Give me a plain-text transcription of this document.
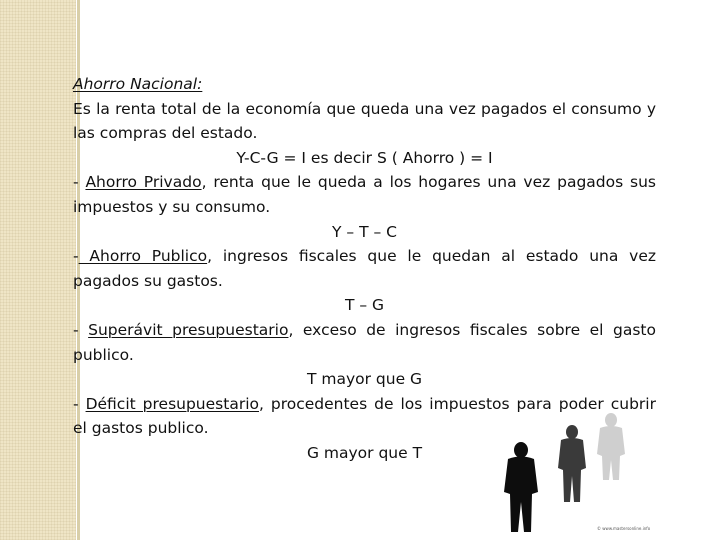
Ahorro Nacional:

Es la renta total de la economía que queda una vez pagados el consumo y las compras del estado.

Y-C-G = I es decir S ( Ahorro ) = I

- Ahorro Privado, renta que le queda a los hogares una vez pagados sus impuestos y su consumo.

Y – T – C

- Ahorro Publico, ingresos fiscales que le quedan al estado una vez pagados su gastos.

T – G

- Superávit presupuestario, exceso de ingresos fiscales sobre el gasto publico.

T mayor que G

- Déficit presupuestario, procedentes de los impuestos para poder cubrir el gastos publico.

G mayor que T

© www.mastersonline.info
